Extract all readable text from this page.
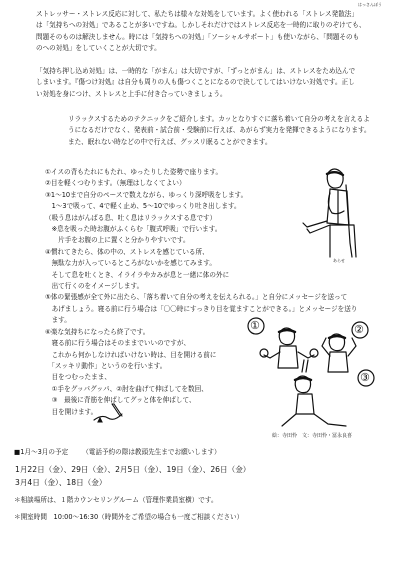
はっさんぽう
あらせ
ストレッサー・ストレス反応に対して、私たちは様々な対処をしています。よく使われる「ストレス発散法」
は「気持ちへの対処」であることが多いですね。しかしそれだけではストレス反応を一時的に取りのぞけても、
問題そのものは解決しません。時には「気持ちへの対処」「ソーシャルサポート」も使いながら、「問題そのも
のへの対処」をしていくことが大切です。
「気持ち押し込め対処」は、一時的な「がまん」は大切ですが、「ずっとがまん」は、ストレスをため込んで
しまいます。『傷つけ対処』は自分も周りの人も傷つくことになるので決してしてはいけない対処です。正し
い対処を身につけ、ストレスと上手に付き合っていきましょう。
リラックスするためのテクニックをご紹介します。カッとなりすぐに落ち着いて自分の考えを言えるよ
うになるだけでなく、発表前・試合前・受験前に行えば、あがらず実力を発揮できるようになります。
また、眠れない時などの中で行えば、グッスリ眠ることができます。
①イスの背もたれにもたれ、ゆったりした姿勢で座ります。
②目を軽くつむります。（無理はしなくてよい）
③1～10まで自分のペースで数えながら、ゆっくり深呼吸をします。
　1～3で吸って、4で軽く止め、5～10でゆっくり吐き出します。
（吸う息はがんばる息、吐く息はリラックスする息です）
　※息を吸った時お腹がふくらむ「腹式呼吸」で行います。
　　片手をお腹の上に置くと分かりやすいです。
④慣れてきたら、体の中の、ストレスを感じている所、
　無駄な力が入っているところがないかを感じてみます。
　そして息を吐くとき、イライラやカみが息と一緒に体の外に
　出て行くのをイメージします。
⑤体の緊張感が全て外に出たら、「落ち着いて自分の考えを伝えられる。」と自分にメッセージを送って
　あげましょう。寝る前に行う場合は「〇〇時にすっきり目を覚ますことができる。」とメッセージを送り
　ます。
⑥楽な気持ちになったら終了です。
　寝る前に行う場合はそのままでいいのですが、
　これから何かしなければいけない時は、目を開ける前に
　「スッキリ動作」というのを行います。
　目をつむったまま、
　①手をグッパグッパ、②肘を曲げて伸ばしてを数回、
　③　最後に背筋を伸ばしてグッと体を伸ばして、
　目を開けます。
①	②
③
絵：寺田怜　文：寺田怜・冨永良喜
■1月～3月の予定 （電話予約の際は教頭先生までお願いします）
1月22日（金）、29日（金）、2月5日（金）、19日（金）、26日（金）
3月4日（金）、18日（金）
＊相談場所は、１階カウンセリングルーム（管理作業員室横）です。
＊開室時間　10:00～16:30（時間外をご希望の場合も一度ご相談ください）
